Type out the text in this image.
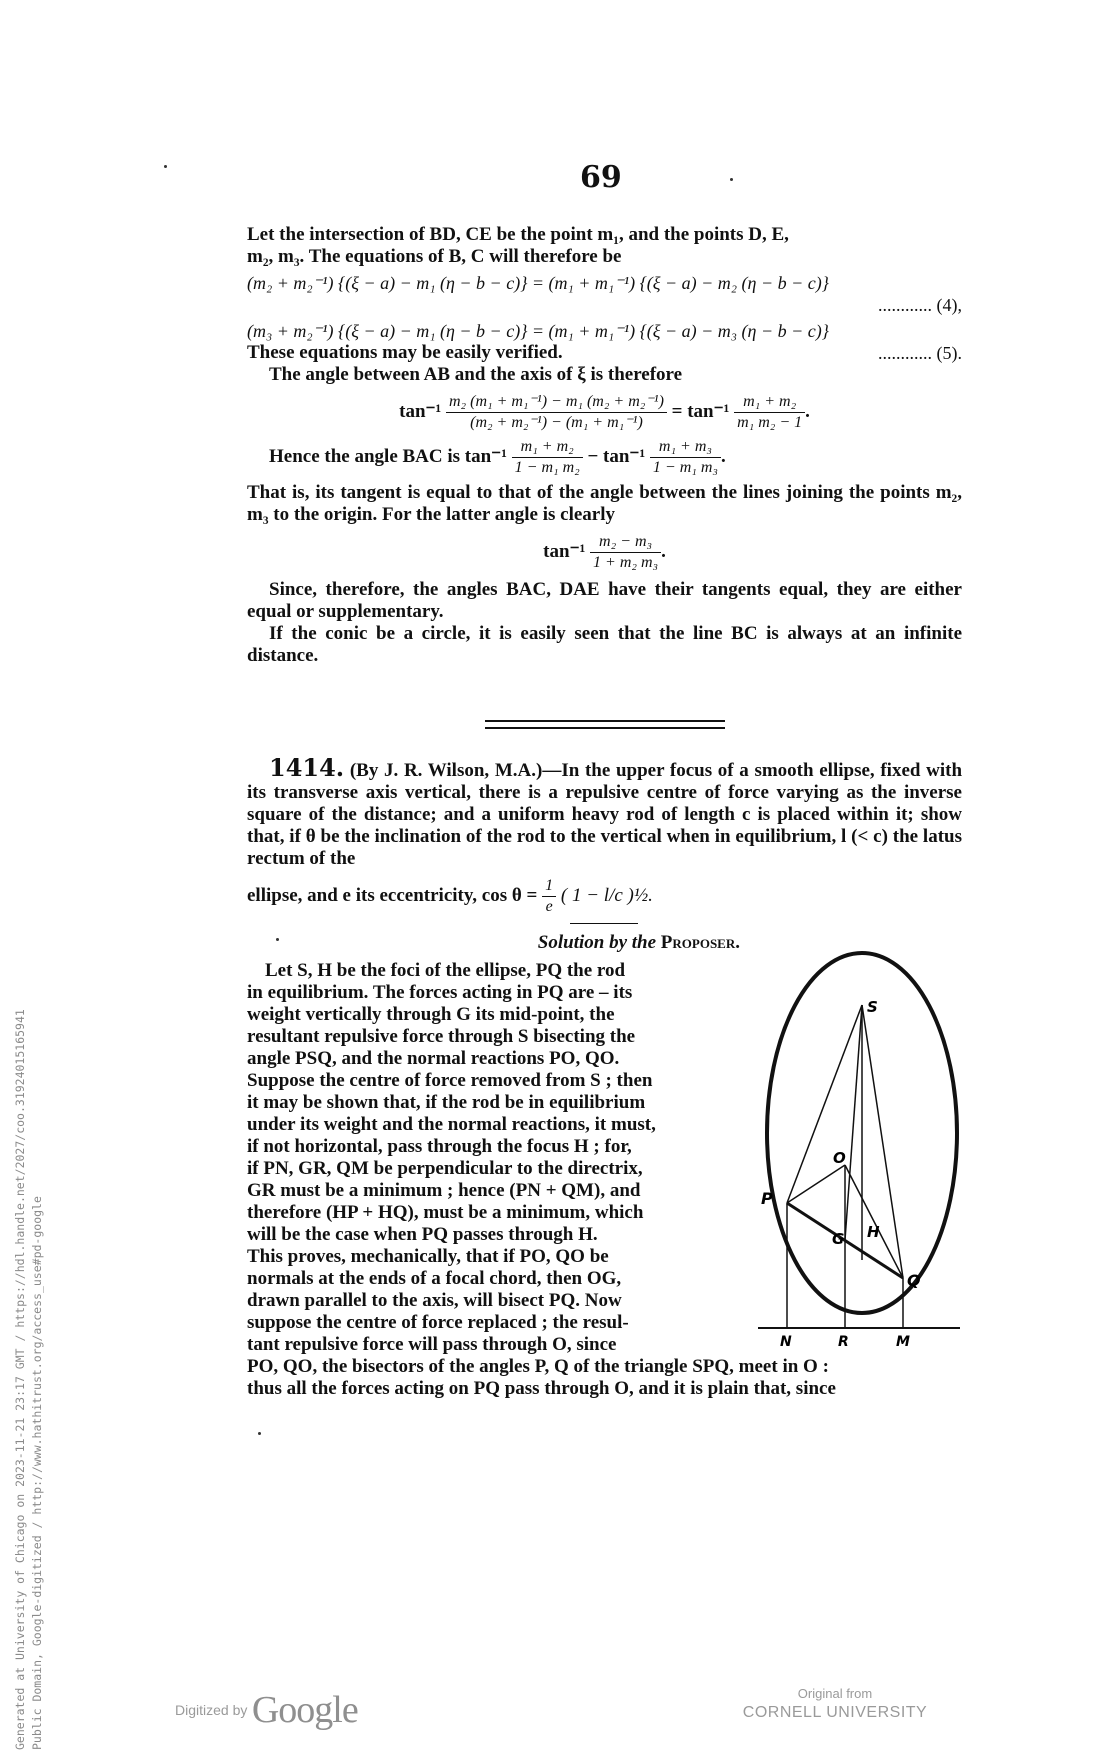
69

Let the intersection of BD, CE be the point m₁, and the points D, E,
m₂, m₃. The equations of B, C will therefore be

(m₂ + m₂⁻¹) {(ξ − a) − m₁ (η − b − c)} = (m₁ + m₁⁻¹) {(ξ − a) − m₂ (η − b − c)}
............ (4),
(m₃ + m₂⁻¹) {(ξ − a) − m₁ (η − b − c)} = (m₁ + m₁⁻¹) {(ξ − a) − m₃ (η − b − c)}
These equations may be easily verified.	............ (5).

The angle between AB and the axis of ξ is therefore

$\tan^{-1} \frac{\text{m₂ (m₁ + m₁⁻¹) − m₁ (m₂ + m₂⁻¹)}}{\text{(m₂ + m₂⁻¹) − (m₁ + m₁⁻¹)}} = \tan^{-1} \frac{\text{m₁ + m₂}}{\text{m₁ m₂ − 1}}$ .
Hence the angle BAC is $\tan^{-1} \frac{\text{m₁ + m₂}}{\text{1 − m₁ m₂}} - \tan^{-1} \frac{\text{m₁ + m₃}}{\text{1 − m₁ m₃}}$ .

That is, its tangent is equal to that of the angle between the lines joining the points m₂, m₃ to the origin. For the latter angle is clearly

$\tan^{-1} \frac{\text{m₂ − m₃}}{\text{1 + m₂ m₃}}$ .

Since, therefore, the angles BAC, DAE have their tangents equal, they are either equal or supplementary.

If the conic be a circle, it is easily seen that the line BC is always at an infinite distance.

1414. (By J. R. Wilson, M.A.)—In the upper focus of a smooth ellipse, fixed with its transverse axis vertical, there is a repulsive centre of force varying as the inverse square of the distance; and a uniform heavy rod of length c is placed within it; show that, if θ be the inclination of the rod to the vertical when in equilibrium, l (< c) the latus rectum of the

ellipse, and e its eccentricity, $\cos \theta = \frac{1}{e}$ ( 1 − l/c )½.
Solution by the Proposer.
Let S, H be the foci of the ellipse, PQ the rod
in equilibrium. The forces acting in PQ are – its
weight vertically through G its mid-point, the
resultant repulsive force through S bisecting the
angle PSQ, and the normal reactions PO, QO.
Suppose the centre of force removed from S ; then
it may be shown that, if the rod be in equilibrium
under its weight and the normal reactions, it must,
if not horizontal, pass through the focus H ; for,
if PN, GR, QM be perpendicular to the directrix,
GR must be a minimum ; hence (PN + QM), and
therefore (HP + HQ), must be a minimum, which
will be the case when PQ passes through H.
This proves, mechanically, that if PO, QO be
normals at the ends of a focal chord, then OG,
drawn parallel to the axis, will bisect PQ. Now
suppose the centre of force replaced ; the resul-
tant repulsive force will pass through O, since
PO, QO, the bisectors of the angles P, Q of the triangle SPQ, meet in O :
thus all the forces acting on PQ pass through O, and it is plain that, since
S
O
P
G H
Q
N	R	M
Generated at University of Chicago on 2023-11-21 23:17 GMT / https://hdl.handle.net/2027/coo.31924015165941 Public Domain, Google-digitized / http://www.hathitrust.org/access_use#pd-google	Digitized by Google	Original from
CORNELL UNIVERSITY
